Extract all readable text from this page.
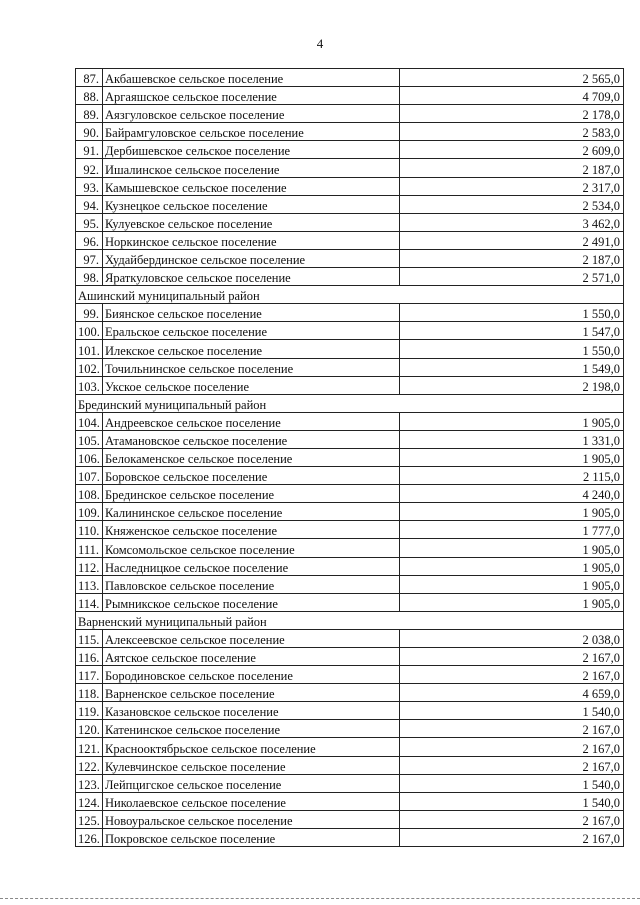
4
87.	Акбашевское сельское поселение	2 565,0
88.	Аргаяшское сельское поселение	4 709,0
89.	Аязгуловское сельское поселение	2 178,0
90.	Байрамгуловское сельское поселение	2 583,0
91.	Дербишевское сельское поселение	2 609,0
92.	Ишалинское сельское поселение	2 187,0
93.	Камышевское сельское поселение	2 317,0
94.	Кузнецкое сельское поселение	2 534,0
95.	Кулуевское сельское поселение	3 462,0
96.	Норкинское сельское поселение	2 491,0
97.	Худайбердинское сельское поселение	2 187,0
98.	Яраткуловское сельское поселение	2 571,0
Ашинский муниципальный район		
99.	Биянское сельское поселение	1 550,0
100.	Еральское сельское поселение	1 547,0
101.	Илекское сельское поселение	1 550,0
102.	Точильнинское сельское поселение	1 549,0
103.	Укское сельское поселение	2 198,0
Брединский муниципальный район		
104.	Андреевское сельское поселение	1 905,0
105.	Атамановское сельское поселение	1 331,0
106.	Белокаменское сельское поселение	1 905,0
107.	Боровское сельское поселение	2 115,0
108.	Брединское сельское поселение	4 240,0
109.	Калининское сельское поселение	1 905,0
110.	Княженское сельское поселение	1 777,0
111.	Комсомольское сельское поселение	1 905,0
112.	Наследницкое сельское поселение	1 905,0
113.	Павловское сельское поселение	1 905,0
114.	Рымникское сельское поселение	1 905,0
Варненский муниципальный район		
115.	Алексеевское сельское поселение	2 038,0
116.	Аятское сельское поселение	2 167,0
117.	Бородиновское сельское поселение	2 167,0
118.	Варненское сельское поселение	4 659,0
119.	Казановское сельское поселение	1 540,0
120.	Катенинское сельское поселение	2 167,0
121.	Краснооктябрьское сельское поселение	2 167,0
122.	Кулевчинское сельское поселение	2 167,0
123.	Лейпцигское сельское поселение	1 540,0
124.	Николаевское сельское поселение	1 540,0
125.	Новоуральское сельское поселение	2 167,0
126.	Покровское сельское поселение	2 167,0
